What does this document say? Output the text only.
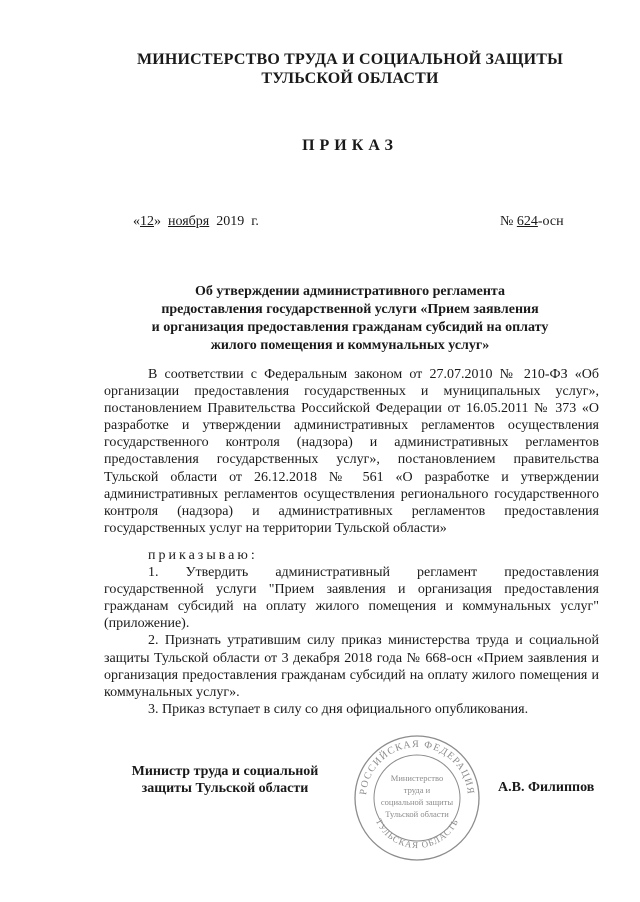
МИНИСТЕРСТВО ТРУДА И СОЦИАЛЬНОЙ ЗАЩИТЫ
ТУЛЬСКОЙ ОБЛАСТИ
ПРИКАЗ
«12» ноября 2019 г.	№ 624-осн
Об утверждении административного регламента
предоставления государственной услуги «Прием заявления
и организация предоставления гражданам субсидий на оплату
жилого помещения и коммунальных услуг»

В соответствии с Федеральным законом от 27.07.2010 № 210-ФЗ «Об организации предоставления государственных и муниципальных услуг», постановлением Правительства Российской Федерации от 16.05.2011 № 373 «О разработке и утверждении административных регламентов осуществления государственного контроля (надзора) и административных регламентов предоставления государственных услуг», постановлением правительства Тульской области от 26.12.2018 № 561 «О разработке и утверждении административных регламентов осуществления регионального государственного контроля (надзора) и административных регламентов предоставления государственных услуг на территории Тульской области»

приказываю:

1. Утвердить административный регламент предоставления государственной услуги "Прием заявления и организация предоставления гражданам субсидий на оплату жилого помещения и коммунальных услуг" (приложение).

2. Признать утратившим силу приказ министерства труда и социальной защиты Тульской области от 3 декабря 2018 года № 668-осн «Прием заявления и организация предоставления гражданам субсидий на оплату жилого помещения и коммунальных услуг».

3. Приказ вступает в силу со дня официального опубликования.

Министр труда и социальной
защиты Тульской области	РОССИЙСКАЯ ФЕДЕРАЦИЯ
ТУЛЬСКАЯ ОБЛАСТЬ
Министерство
труда и
социальной защиты
Тульской области
А.В. Филиппов
